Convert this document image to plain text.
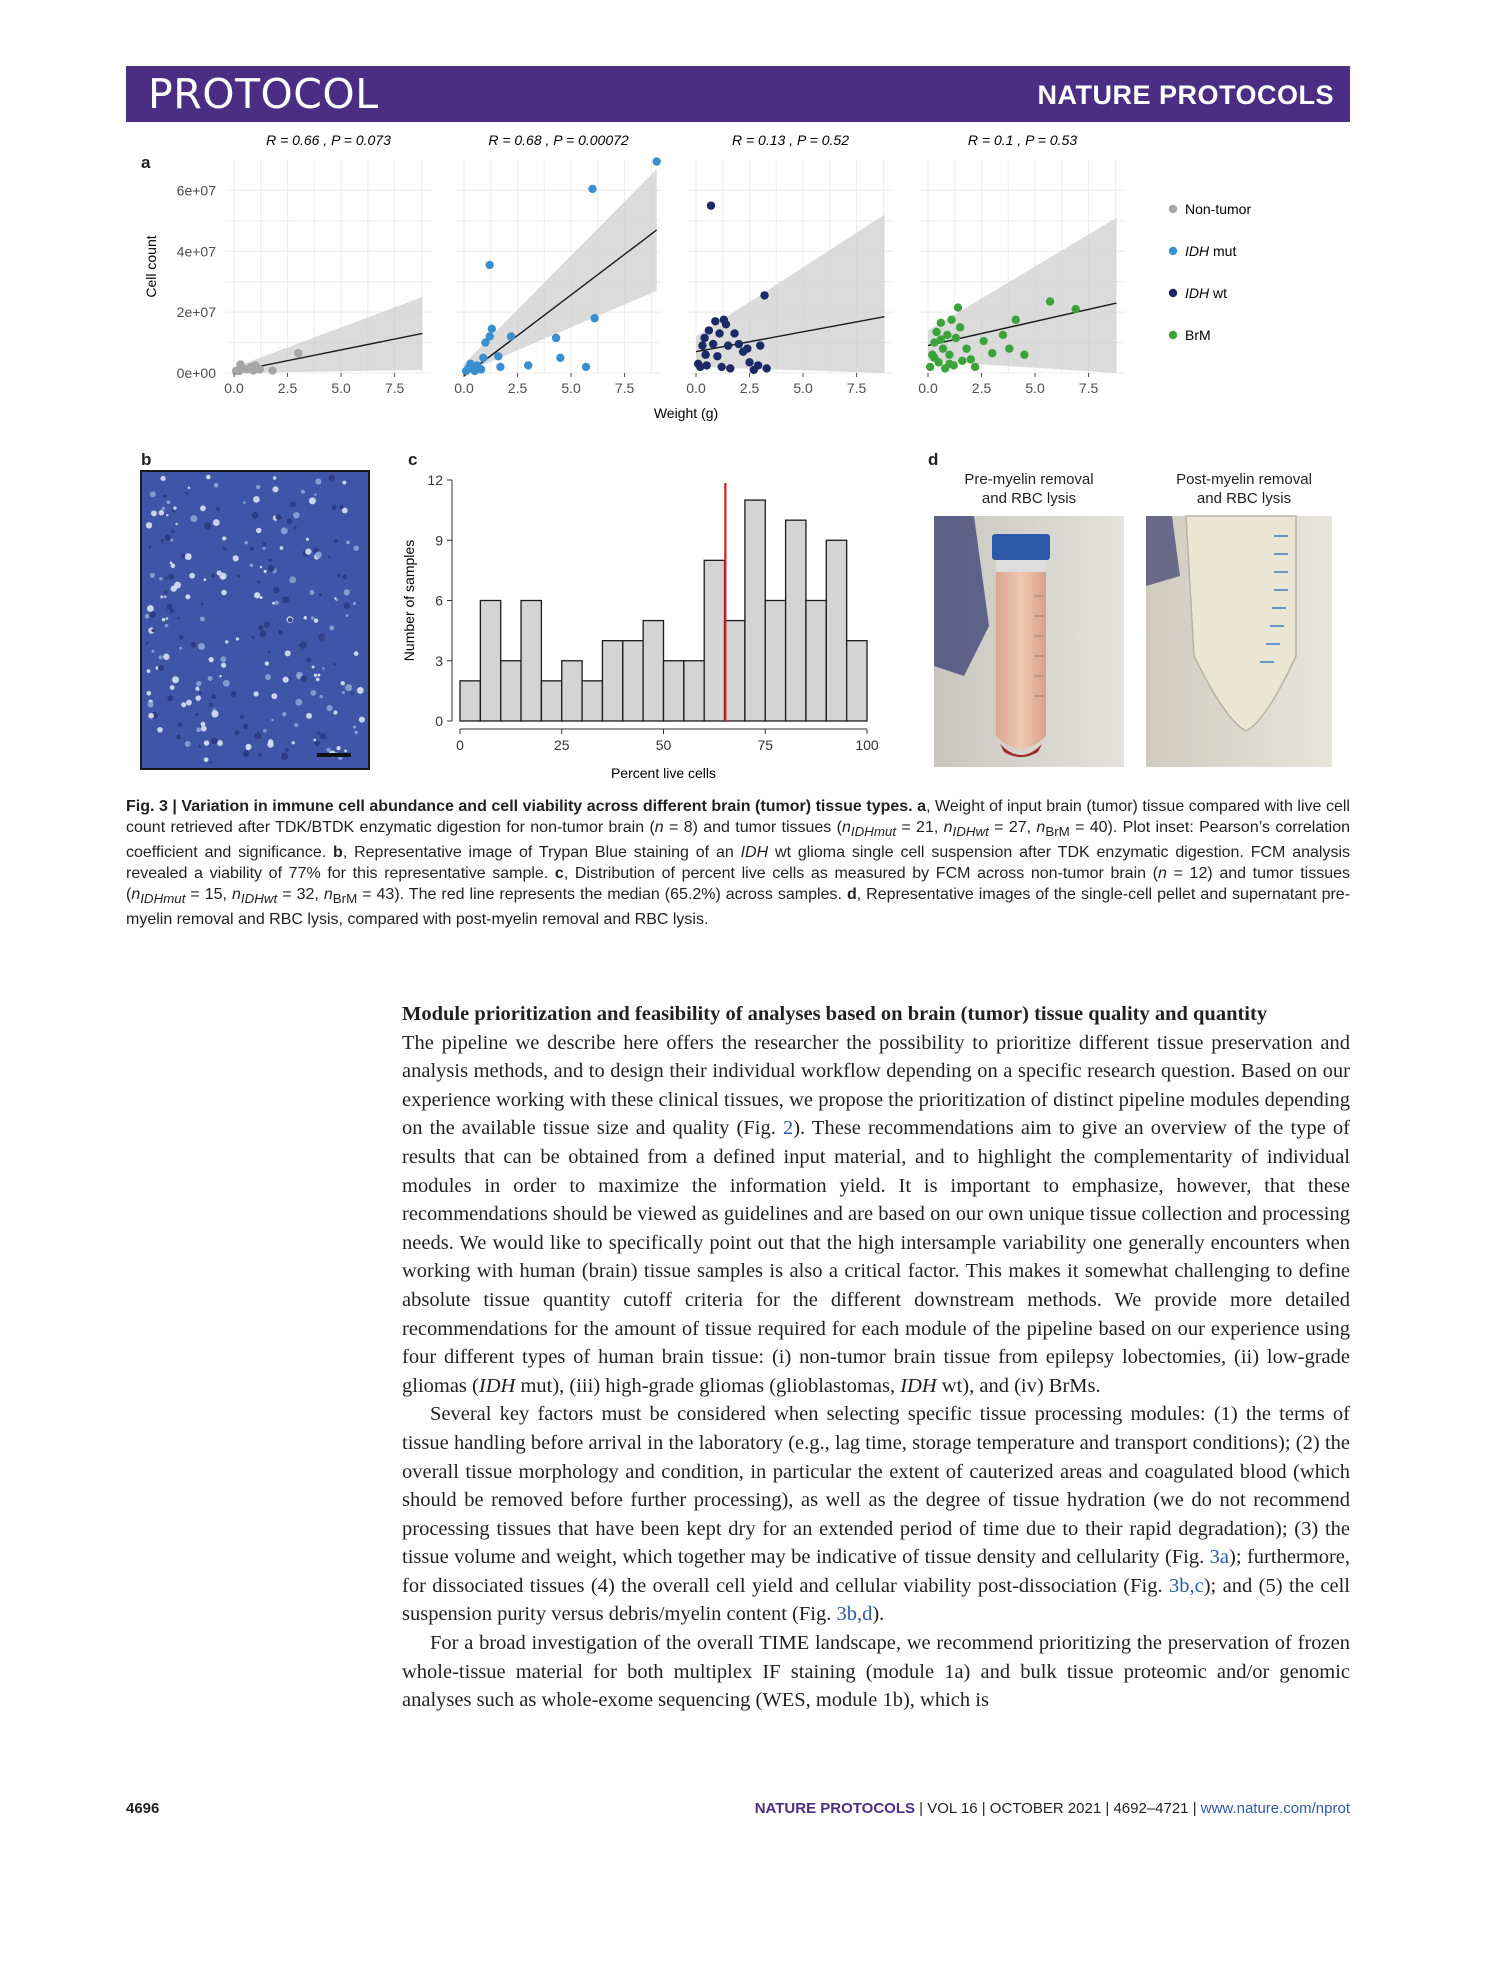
PROTOCOL	NATURE PROTOCOLS
a
b	c	d
Cell count
0e+00
2e+07
4e+07
6e+07
R = 0.66 , P = 0.073
0.0 2.5 5.0 7.5
R = 0.68 , P = 0.00072
0.0 2.5 5.0 7.5
R = 0.13 , P = 0.52
0.0 2.5 5.0 7.5
R = 0.1 , P = 0.53
0.0 2.5 5.0 7.5
Weight (g)
Non-tumor
IDH mut
IDH wt
BrM
0
3
6
9
12
0	25	50	75	100
Number of samples
Percent live cells
Pre-myelin removal
and RBC lysis
Post-myelin removal
and RBC lysis
Fig. 3 | Variation in immune cell abundance and cell viability across different brain (tumor) tissue types. a, Weight of input brain (tumor) tissue compared with live cell count retrieved after TDK/BTDK enzymatic digestion for non-tumor brain (n = 8) and tumor tissues ($n_{IDHmut} = 21$, $n_{IDHwt} = 27$, $n_{BrM} = 40$). Plot inset: Pearson’s correlation coefficient and significance. b, Representative image of Trypan Blue staining of an IDH wt glioma single cell suspension after TDK enzymatic digestion. FCM analysis revealed a viability of 77% for this representative sample. c, Distribution of percent live cells as measured by FCM across non-tumor brain (n = 12) and tumor tissues ($n_{IDHmut} = 15$, $n_{IDHwt} = 32$, $n_{BrM} = 43$). The red line represents the median (65.2%) across samples. d, Representative images of the single-cell pellet and supernatant pre-myelin removal and RBC lysis, compared with post-myelin removal and RBC lysis.

Module prioritization and feasibility of analyses based on brain (tumor) tissue quality and quantity

The pipeline we describe here offers the researcher the possibility to prioritize different tissue preservation and analysis methods, and to design their individual workflow depending on a specific research question. Based on our experience working with these clinical tissues, we propose the prioritization of distinct pipeline modules depending on the available tissue size and quality (Fig. 2). These recommendations aim to give an overview of the type of results that can be obtained from a defined input material, and to highlight the complementarity of individual modules in order to maximize the information yield. It is important to emphasize, however, that these recommendations should be viewed as guidelines and are based on our own unique tissue collection and processing needs. We would like to specifically point out that the high intersample variability one generally encounters when working with human (brain) tissue samples is also a critical factor. This makes it somewhat challenging to define absolute tissue quantity cutoff criteria for the different downstream methods. We provide more detailed recommendations for the amount of tissue required for each module of the pipeline based on our experience using four different types of human brain tissue: (i) non-tumor brain tissue from epilepsy lobectomies, (ii) low-grade gliomas (IDH mut), (iii) high-grade gliomas (glioblastomas, IDH wt), and (iv) BrMs.

Several key factors must be considered when selecting specific tissue processing modules: (1) the terms of tissue handling before arrival in the laboratory (e.g., lag time, storage temperature and transport conditions); (2) the overall tissue morphology and condition, in particular the extent of cauterized areas and coagulated blood (which should be removed before further processing), as well as the degree of tissue hydration (we do not recommend processing tissues that have been kept dry for an extended period of time due to their rapid degradation); (3) the tissue volume and weight, which together may be indicative of tissue density and cellularity (Fig. 3a); furthermore, for dissociated tissues (4) the overall cell yield and cellular viability post-dissociation (Fig. 3b,c); and (5) the cell suspension purity versus debris/myelin content (Fig. 3b,d).

For a broad investigation of the overall TIME landscape, we recommend prioritizing the preservation of frozen whole-tissue material for both multiplex IF staining (module 1a) and bulk tissue proteomic and/or genomic analyses such as whole-exome sequencing (WES, module 1b), which is

4696	NATURE PROTOCOLS | VOL 16 | OCTOBER 2021 | 4692–4721 | www.nature.com/nprot
